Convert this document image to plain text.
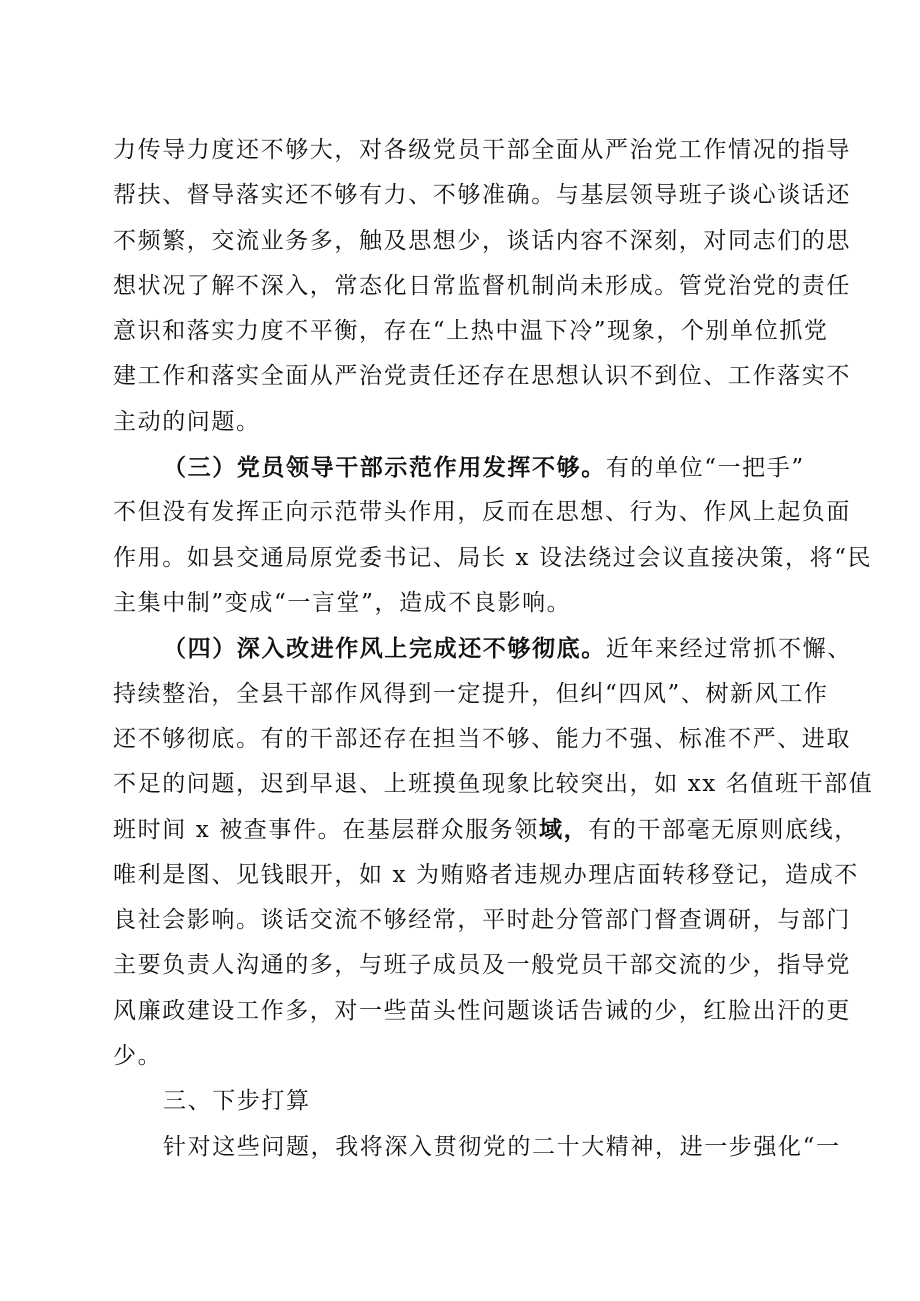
力传导力度还不够大，对各级党员干部全面从严治党工作情况的指导
帮扶、督导落实还不够有力、不够准确。与基层领导班子谈心谈话还
不频繁，交流业务多，触及思想少，谈话内容不深刻，对同志们的思
想状况了解不深入，常态化日常监督机制尚未形成。管党治党的责任
意识和落实力度不平衡，存在“上热中温下冷”现象，个别单位抓党
建工作和落实全面从严治党责任还存在思想认识不到位、工作落实不
主动的问题。
（三）党员领导干部示范作用发挥不够。有的单位“一把手”
不但没有发挥正向示范带头作用，反而在思想、行为、作风上起负面
作用。如县交通局原党委书记、局长 x 设法绕过会议直接决策，将“民
主集中制”变成“一言堂”，造成不良影响。
（四）深入改进作风上完成还不够彻底。近年来经过常抓不懈、
持续整治，全县干部作风得到一定提升，但纠“四风”、树新风工作
还不够彻底。有的干部还存在担当不够、能力不强、标准不严、进取
不足的问题，迟到早退、上班摸鱼现象比较突出，如 xx 名值班干部值
班时间 x 被查事件。在基层群众服务领域，有的干部毫无原则底线，
唯利是图、见钱眼开，如 x 为贿赂者违规办理店面转移登记，造成不
良社会影响。谈话交流不够经常，平时赴分管部门督查调研，与部门
主要负责人沟通的多，与班子成员及一般党员干部交流的少，指导党
风廉政建设工作多，对一些苗头性问题谈话告诫的少，红脸出汗的更
少。
三、下步打算
针对这些问题，我将深入贯彻党的二十大精神，进一步强化“一
